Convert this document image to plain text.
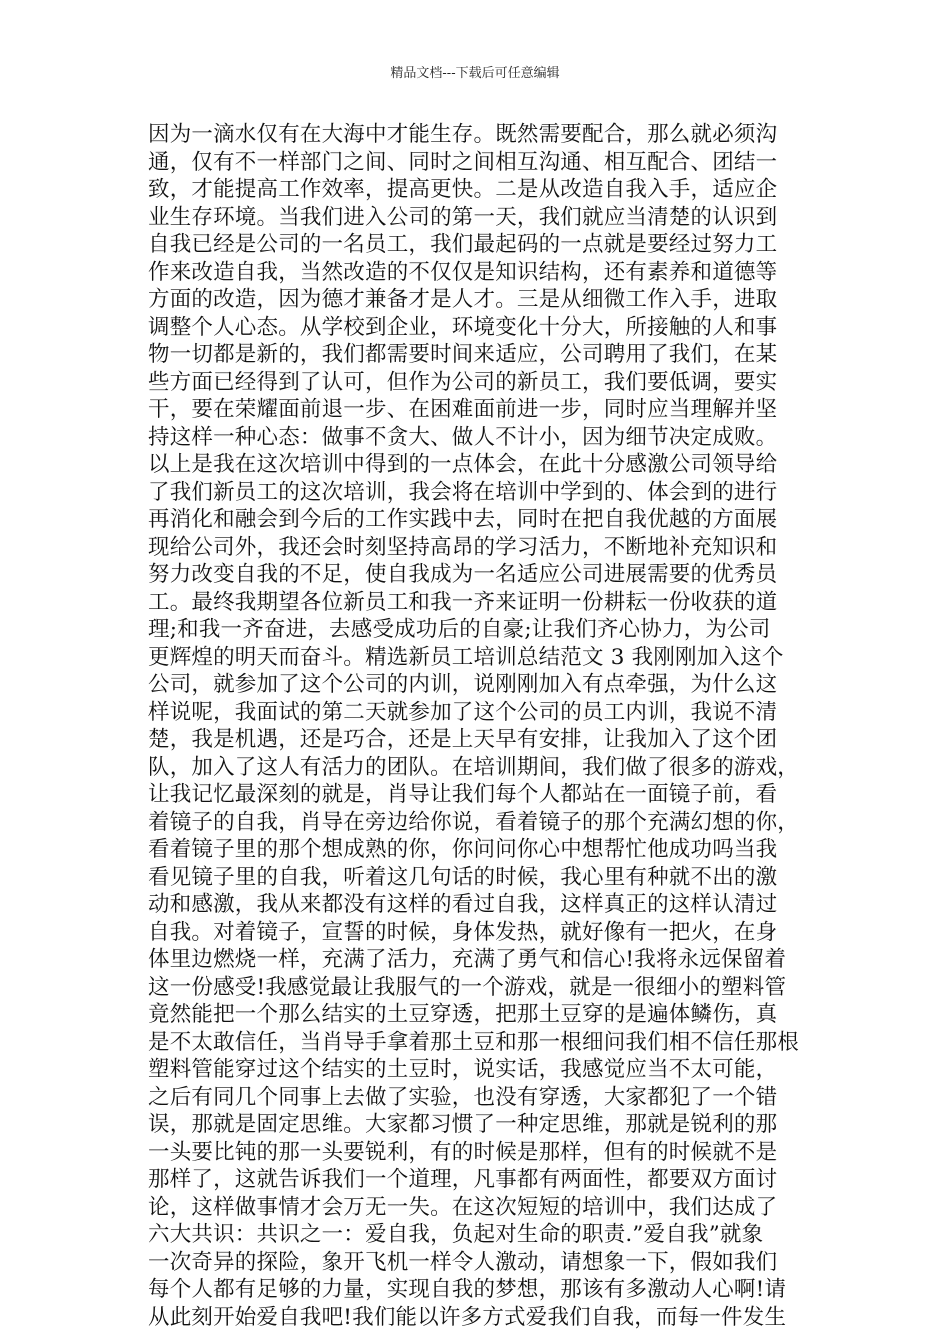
精品文档---下载后可任意编辑
因为一滴水仅有在大海中才能生存。既然需要配合，那么就必须沟
通，仅有不一样部门之间、同时之间相互沟通、相互配合、团结一
致，才能提高工作效率，提高更快。二是从改造自我入手，适应企
业生存环境。当我们进入公司的第一天，我们就应当清楚的认识到
自我已经是公司的一名员工，我们最起码的一点就是要经过努力工
作来改造自我，当然改造的不仅仅是知识结构，还有素养和道德等
方面的改造，因为德才兼备才是人才。三是从细微工作入手，进取
调整个人心态。从学校到企业，环境变化十分大，所接触的人和事
物一切都是新的，我们都需要时间来适应，公司聘用了我们，在某
些方面已经得到了认可，但作为公司的新员工，我们要低调，要实
干，要在荣耀面前退一步、在困难面前进一步，同时应当理解并坚
持这样一种心态：做事不贪大、做人不计小，因为细节决定成败。
以上是我在这次培训中得到的一点体会，在此十分感激公司领导给
了我们新员工的这次培训，我会将在培训中学到的、体会到的进行
再消化和融会到今后的工作实践中去，同时在把自我优越的方面展
现给公司外，我还会时刻坚持高昂的学习活力，不断地补充知识和
努力改变自我的不足，使自我成为一名适应公司进展需要的优秀员
工。最终我期望各位新员工和我一齐来证明一份耕耘一份收获的道
理;和我一齐奋进，去感受成功后的自豪;让我们齐心协力，为公司
更辉煌的明天而奋斗。精选新员工培训总结范文 3 我刚刚加入这个
公司，就参加了这个公司的内训，说刚刚加入有点牵强，为什么这
样说呢，我面试的第二天就参加了这个公司的员工内训，我说不清
楚，我是机遇，还是巧合，还是上天早有安排，让我加入了这个团
队，加入了这人有活力的团队。在培训期间，我们做了很多的游戏，
让我记忆最深刻的就是，肖导让我们每个人都站在一面镜子前，看
着镜子的自我，肖导在旁边给你说，看着镜子的那个充满幻想的你，
看着镜子里的那个想成熟的你，你问问你心中想帮忙他成功吗当我
看见镜子里的自我，听着这几句话的时候，我心里有种就不出的激
动和感激，我从来都没有这样的看过自我，这样真正的这样认清过
自我。对着镜子，宣誓的时候，身体发热，就好像有一把火，在身
体里边燃烧一样，充满了活力，充满了勇气和信心!我将永远保留着
这一份感受!我感觉最让我服气的一个游戏，就是一很细小的塑料管
竟然能把一个那么结实的土豆穿透，把那土豆穿的是遍体鳞伤，真
是不太敢信任，当肖导手拿着那土豆和那一根细问我们相不信任那根
塑料管能穿过这个结实的土豆时，说实话，我感觉应当不太可能，
之后有同几个同事上去做了实验，也没有穿透，大家都犯了一个错
误，那就是固定思维。大家都习惯了一种定思维，那就是锐利的那
一头要比钝的那一头要锐利，有的时候是那样，但有的时候就不是
那样了，这就告诉我们一个道理，凡事都有两面性，都要双方面讨
论，这样做事情才会万无一失。在这次短短的培训中，我们达成了
六大共识：共识之一：爱自我，负起对生命的职责.”爱自我”就象
一次奇异的探险，象开飞机一样令人激动，请想象一下，假如我们
每个人都有足够的力量，实现自我的梦想，那该有多激动人心啊!请
从此刻开始爱自我吧!我们能以许多方式爱我们自我，而每一件发生
